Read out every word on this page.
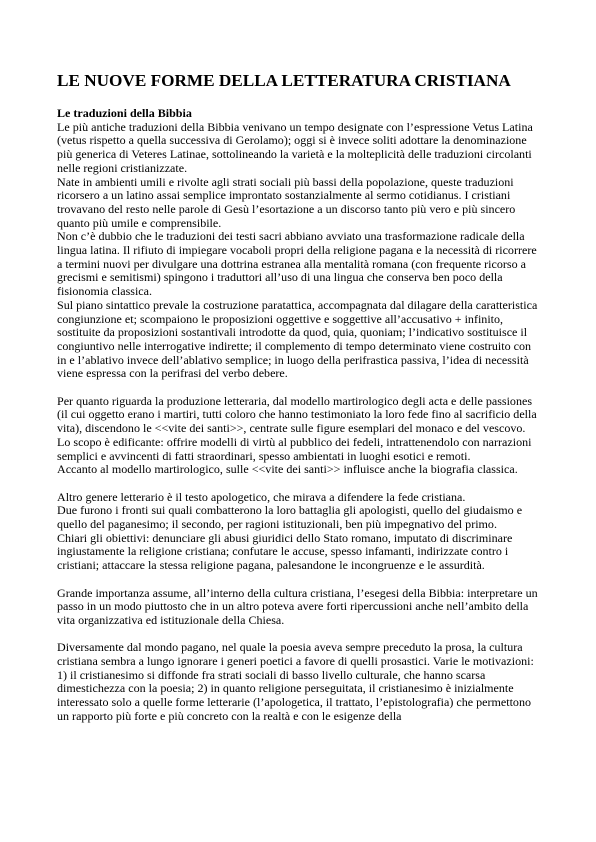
LE NUOVE FORME DELLA LETTERATURA CRISTIANA
Le traduzioni della Bibbia

Le più antiche traduzioni della Bibbia venivano un tempo designate con l’espressione Vetus Latina (vetus rispetto a quella successiva di Gerolamo); oggi si è invece soliti adottare la denominazione più generica di Veteres Latinae, sottolineando la varietà e la molteplicità delle traduzioni circolanti nelle regioni cristianizzate.

Nate in ambienti umili e rivolte agli strati sociali più bassi della popolazione, queste traduzioni ricorsero a un latino assai semplice improntato sostanzialmente al sermo cotidianus. I cristiani trovavano del resto nelle parole di Gesù l’esortazione a un discorso tanto più vero e più sincero quanto più umile e comprensibile.

Non c’è dubbio che le traduzioni dei testi sacri abbiano avviato una trasformazione radicale della lingua latina. Il rifiuto di impiegare vocaboli propri della religione pagana e la necessità di ricorrere a termini nuovi per divulgare una dottrina estranea alla mentalità romana (con frequente ricorso a grecismi e semitismi) spingono i traduttori all’uso di una lingua che conserva ben poco della fisionomia classica.

Sul piano sintattico prevale la costruzione paratattica, accompagnata dal dilagare della caratteristica congiunzione et; scompaiono le proposizioni oggettive e soggettive all’accusativo + infinito, sostituite da proposizioni sostantivali introdotte da quod, quia, quoniam; l’indicativo sostituisce il congiuntivo nelle interrogative indirette; il complemento di tempo determinato viene costruito con in e l’ablativo invece dell’ablativo semplice; in luogo della perifrastica passiva, l’idea di necessità viene espressa con la perifrasi del verbo debere.

Per quanto riguarda la produzione letteraria, dal modello martirologico degli acta e delle passiones (il cui oggetto erano i martiri, tutti coloro che hanno testimoniato la loro fede fino al sacrificio della vita), discendono le <<vite dei santi>>, centrate sulle figure esemplari del monaco e del vescovo. Lo scopo è edificante: offrire modelli di virtù al pubblico dei fedeli, intrattenendolo con narrazioni semplici e avvincenti di fatti straordinari, spesso ambientati in luoghi esotici e remoti.

Accanto al modello martirologico, sulle <<vite dei santi>> influisce anche la biografia classica.

Altro genere letterario è il testo apologetico, che mirava a difendere la fede cristiana.

Due furono i fronti sui quali combatterono la loro battaglia gli apologisti, quello del giudaismo e quello del paganesimo; il secondo, per ragioni istituzionali, ben più impegnativo del primo.

Chiari gli obiettivi: denunciare gli abusi giuridici dello Stato romano, imputato di discriminare ingiustamente la religione cristiana; confutare le accuse, spesso infamanti, indirizzate contro i cristiani; attaccare la stessa religione pagana, palesandone le incongruenze e le assurdità.

Grande importanza assume, all’interno della cultura cristiana, l’esegesi della Bibbia: interpretare un passo in un modo piuttosto che in un altro poteva avere forti ripercussioni anche nell’ambito della vita organizzativa ed istituzionale della Chiesa.

Diversamente dal mondo pagano, nel quale la poesia aveva sempre preceduto la prosa, la cultura cristiana sembra a lungo ignorare i generi poetici a favore di quelli prosastici. Varie le motivazioni: 1) il cristianesimo si diffonde fra strati sociali di basso livello culturale, che hanno scarsa dimestichezza con la poesia; 2) in quanto religione perseguitata, il cristianesimo è inizialmente interessato solo a quelle forme letterarie (l’apologetica, il trattato, l’epistolografia) che permettono un rapporto più forte e più concreto con la realtà e con le esigenze della
